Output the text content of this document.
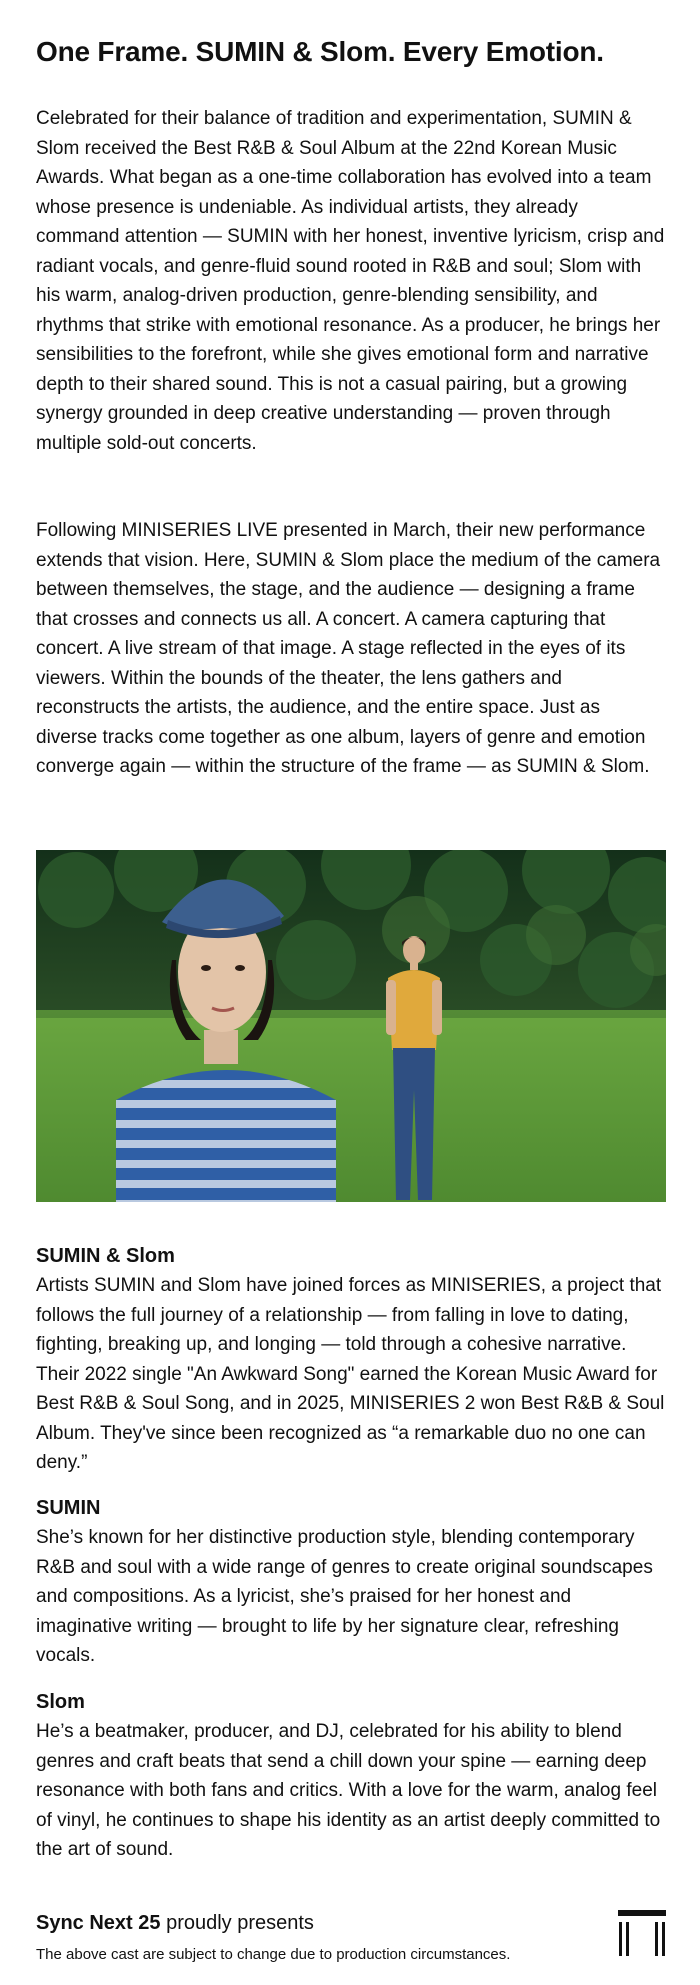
One Frame. SUMIN & Slom. Every Emotion.

Celebrated for their balance of tradition and experimentation, SUMIN & Slom received the Best R&B & Soul Album at the 22nd Korean Music Awards. What began as a one-time collaboration has evolved into a team whose presence is undeniable. As individual artists, they already command attention — SUMIN with her honest, inventive lyricism, crisp and radiant vocals, and genre-fluid sound rooted in R&B and soul; Slom with his warm, analog-driven production, genre-blending sensibility, and rhythms that strike with emotional resonance. As a producer, he brings her sensibilities to the forefront, while she gives emotional form and narrative depth to their shared sound. This is not a casual pairing, but a growing synergy grounded in deep creative understanding — proven through multiple sold-out concerts.

Following MINISERIES LIVE presented in March, their new performance extends that vision. Here, SUMIN & Slom place the medium of the camera between themselves, the stage, and the audience — designing a frame that crosses and connects us all. A concert. A camera capturing that concert. A live stream of that image. A stage reflected in the eyes of its viewers. Within the bounds of the theater, the lens gathers and reconstructs the artists, the audience, and the entire space. Just as diverse tracks come together as one album, layers of genre and emotion converge again — within the structure of the frame — as SUMIN & Slom.

SUMIN & Slom

Artists SUMIN and Slom have joined forces as MINISERIES, a project that follows the full journey of a relationship — from falling in love to dating, fighting, breaking up, and longing — told through a cohesive narrative. Their 2022 single "An Awkward Song" earned the Korean Music Award for Best R&B & Soul Song, and in 2025, MINISERIES 2 won Best R&B & Soul Album. They've since been recognized as “a remarkable duo no one can deny.”

SUMIN

She’s known for her distinctive production style, blending contemporary R&B and soul with a wide range of genres to create original soundscapes and compositions. As a lyricist, she’s praised for her honest and imaginative writing — brought to life by her signature clear, refreshing vocals.

Slom

He’s a beatmaker, producer, and DJ, celebrated for his ability to blend genres and craft beats that send a chill down your spine — earning deep resonance with both fans and critics. With a love for the warm, analog feel of vinyl, he continues to shape his identity as an artist deeply committed to the art of sound.

Sync Next 25 proudly presents
The above cast are subject to change due to production circumstances.
